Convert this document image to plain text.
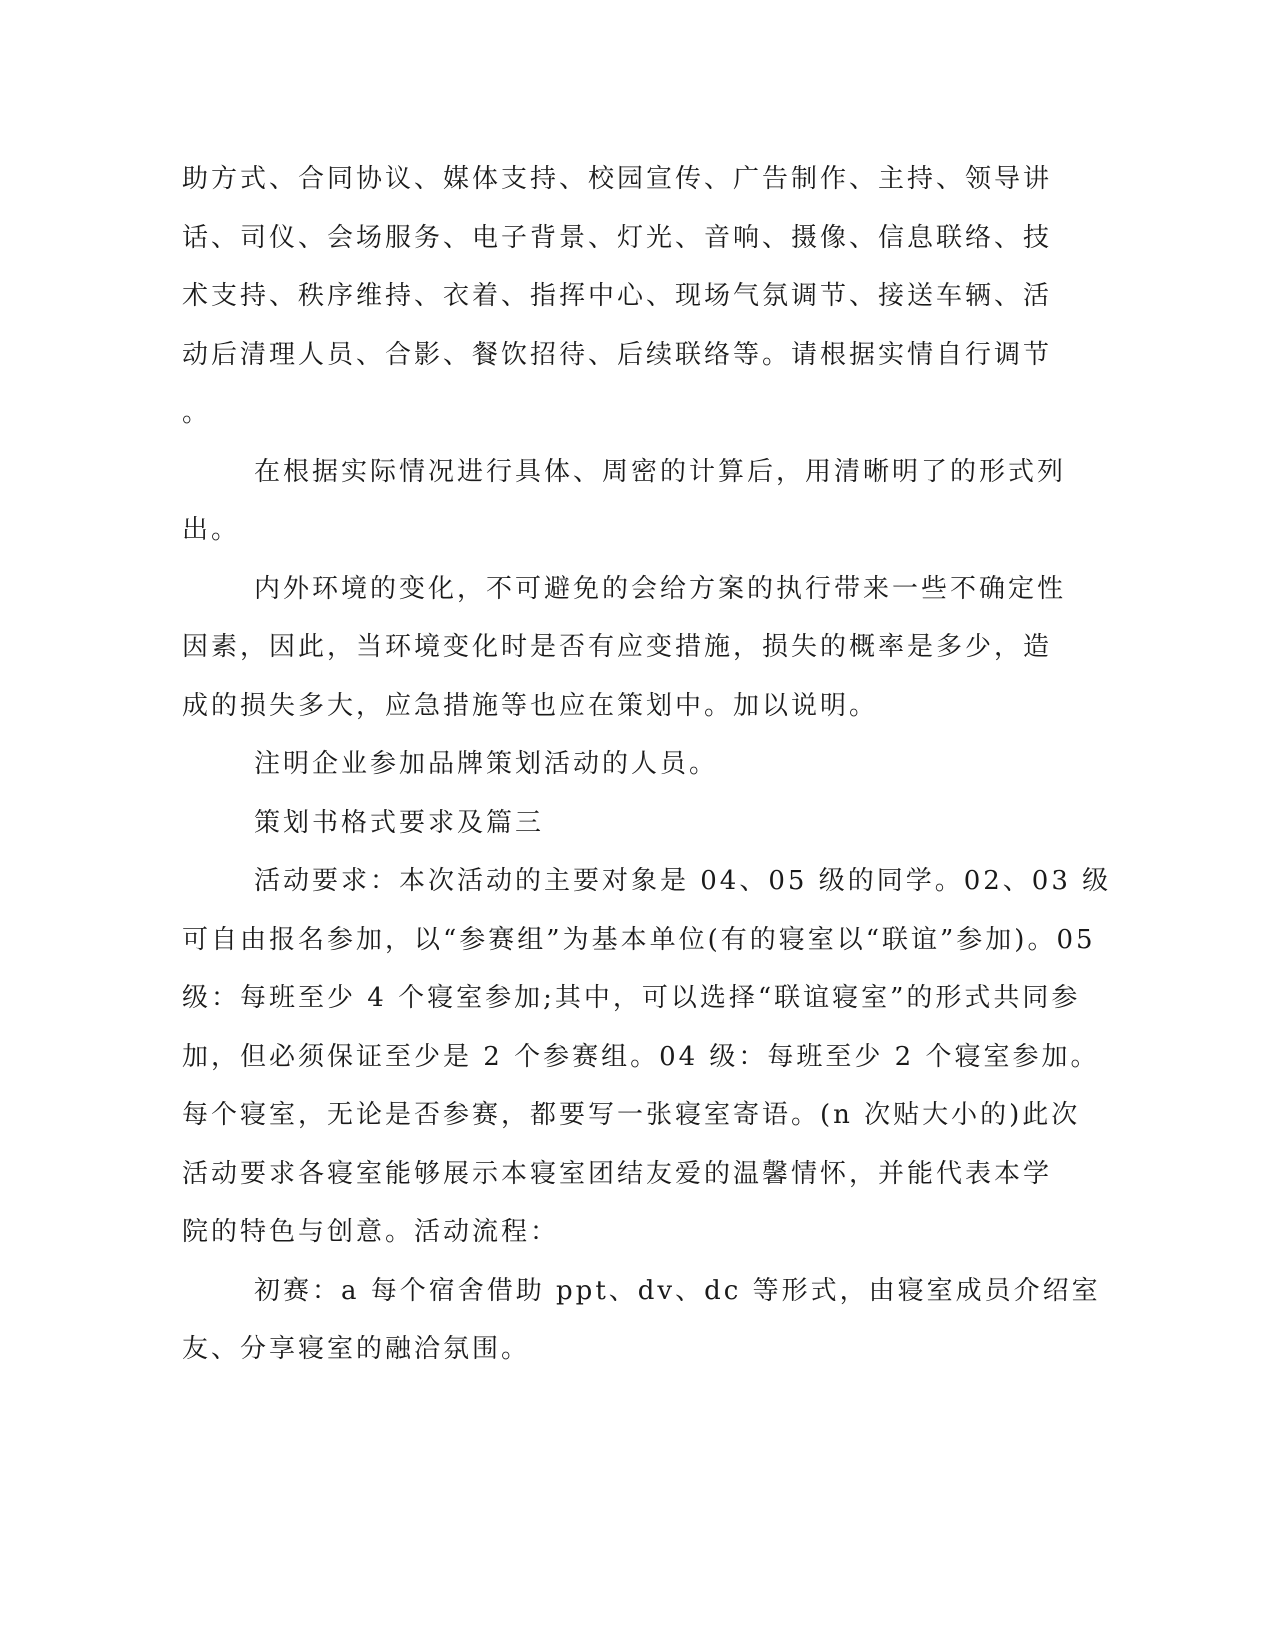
助方式、合同协议、媒体支持、校园宣传、广告制作、主持、领导讲
话、司仪、会场服务、电子背景、灯光、音响、摄像、信息联络、技
术支持、秩序维持、衣着、指挥中心、现场气氛调节、接送车辆、活
动后清理人员、合影、餐饮招待、后续联络等。请根据实情自行调节
。
在根据实际情况进行具体、周密的计算后，用清晰明了的形式列
出。
内外环境的变化，不可避免的会给方案的执行带来一些不确定性
因素，因此，当环境变化时是否有应变措施，损失的概率是多少，造
成的损失多大，应急措施等也应在策划中。加以说明。
注明企业参加品牌策划活动的人员。
策划书格式要求及篇三
活动要求：本次活动的主要对象是 04、05 级的同学。02、03 级
可自由报名参加，以“参赛组”为基本单位(有的寝室以“联谊”参加)。05
级：每班至少 4 个寝室参加;其中，可以选择“联谊寝室”的形式共同参
加，但必须保证至少是 2 个参赛组。04 级：每班至少 2 个寝室参加。
每个寝室，无论是否参赛，都要写一张寝室寄语。(n 次贴大小的)此次
活动要求各寝室能够展示本寝室团结友爱的温馨情怀，并能代表本学
院的特色与创意。活动流程：
初赛：a 每个宿舍借助 ppt、dv、dc 等形式，由寝室成员介绍室
友、分享寝室的融洽氛围。
